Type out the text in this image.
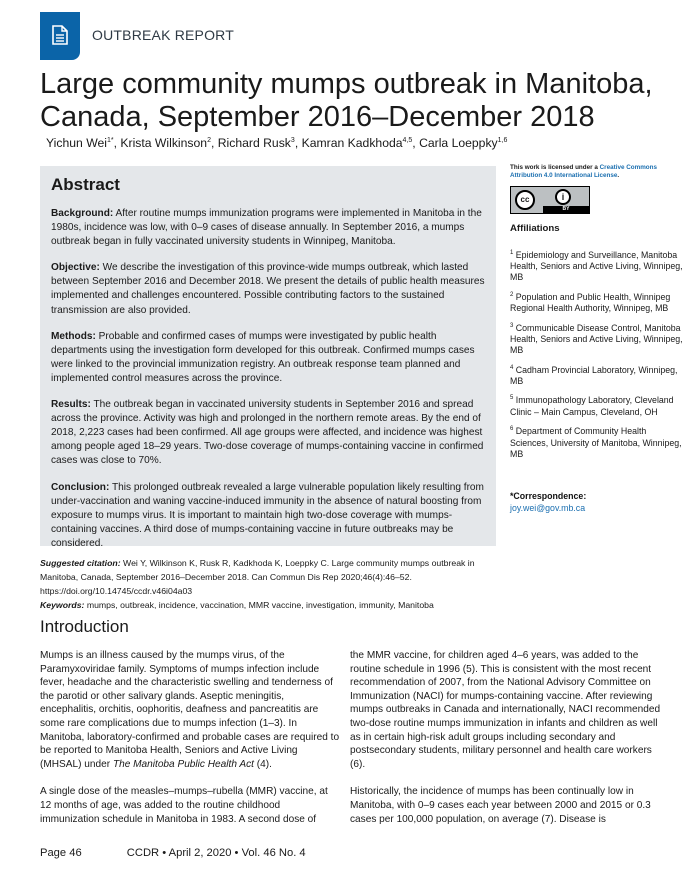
OUTBREAK REPORT
Large community mumps outbreak in Manitoba, Canada, September 2016–December 2018
Yichun Wei$^{1*}$, Krista Wilkinson$^2$, Richard Rusk$^3$, Kamran Kadkhoda$^{4,5}$, Carla Loeppky$^{1,6}$
Abstract

Background: After routine mumps immunization programs were implemented in Manitoba in the 1980s, incidence was low, with 0–9 cases of disease annually. In September 2016, a mumps outbreak began in fully vaccinated university students in Winnipeg, Manitoba.

Objective: We describe the investigation of this province-wide mumps outbreak, which lasted between September 2016 and December 2018. We present the details of public health measures implemented and challenges encountered. Possible contributing factors to the sustained transmission are also provided.

Methods: Probable and confirmed cases of mumps were investigated by public health departments using the investigation form developed for this outbreak. Confirmed mumps cases were linked to the provincial immunization registry. An outbreak response team planned and implemented control measures across the province.

Results: The outbreak began in vaccinated university students in September 2016 and spread across the province. Activity was high and prolonged in the northern remote areas. By the end of 2018, 2,223 cases had been confirmed. All age groups were affected, and incidence was highest among people aged 18–29 years. Two-dose coverage of mumps-containing vaccine in confirmed cases was close to 70%.

Conclusion: This prolonged outbreak revealed a large vulnerable population likely resulting from under-vaccination and waning vaccine-induced immunity in the absence of natural boosting from exposure to mumps virus. It is important to maintain high two-dose coverage with mumps-containing vaccines. A third dose of mumps-containing vaccine in future outbreaks may be considered.

This work is licensed under a Creative Commons Attribution 4.0 International License.
cc	i
BY
Affiliations
$^1$ Epidemiology and Surveillance, Manitoba Health, Seniors and Active Living, Winnipeg, MB
$^2$ Population and Public Health, Winnipeg Regional Health Authority, Winnipeg, MB
$^3$ Communicable Disease Control, Manitoba Health, Seniors and Active Living, Winnipeg, MB
$^4$ Cadham Provincial Laboratory, Winnipeg, MB
$^5$ Immunopathology Laboratory, Cleveland Clinic – Main Campus, Cleveland, OH
$^6$ Department of Community Health Sciences, University of Manitoba, Winnipeg, MB
*Correspondence:
joy.wei@gov.mb.ca
Suggested citation: Wei Y, Wilkinson K, Rusk R, Kadkhoda K, Loeppky C. Large community mumps outbreak in Manitoba, Canada, September 2016–December 2018. Can Commun Dis Rep 2020;46(4):46–52.
https://doi.org/10.14745/ccdr.v46i04a03
Keywords: mumps, outbreak, incidence, vaccination, MMR vaccine, investigation, immunity, Manitoba
Introduction

Mumps is an illness caused by the mumps virus, of the Paramyxoviridae family. Symptoms of mumps infection include fever, headache and the characteristic swelling and tenderness of the parotid or other salivary glands. Aseptic meningitis, encephalitis, orchitis, oophoritis, deafness and pancreatitis are some rare complications due to mumps infection (1–3). In Manitoba, laboratory-confirmed and probable cases are required to be reported to Manitoba Health, Seniors and Active Living (MHSAL) under The Manitoba Public Health Act (4).

A single dose of the measles–mumps–rubella (MMR) vaccine, at 12 months of age, was added to the routine childhood immunization schedule in Manitoba in 1983. A second dose of

the MMR vaccine, for children aged 4–6 years, was added to the routine schedule in 1996 (5). This is consistent with the most recent recommendation of 2007, from the National Advisory Committee on Immunization (NACI) for mumps-containing vaccine. After reviewing mumps outbreaks in Canada and internationally, NACI recommended two-dose routine mumps immunization in infants and children as well as in certain high-risk adult groups including secondary and postsecondary students, military personnel and health care workers (6).

Historically, the incidence of mumps has been continually low in Manitoba, with 0–9 cases each year between 2000 and 2015 or 0.3 cases per 100,000 population, on average (7). Disease is

Page 46	CCDR • April 2, 2020 • Vol. 46 No. 4
